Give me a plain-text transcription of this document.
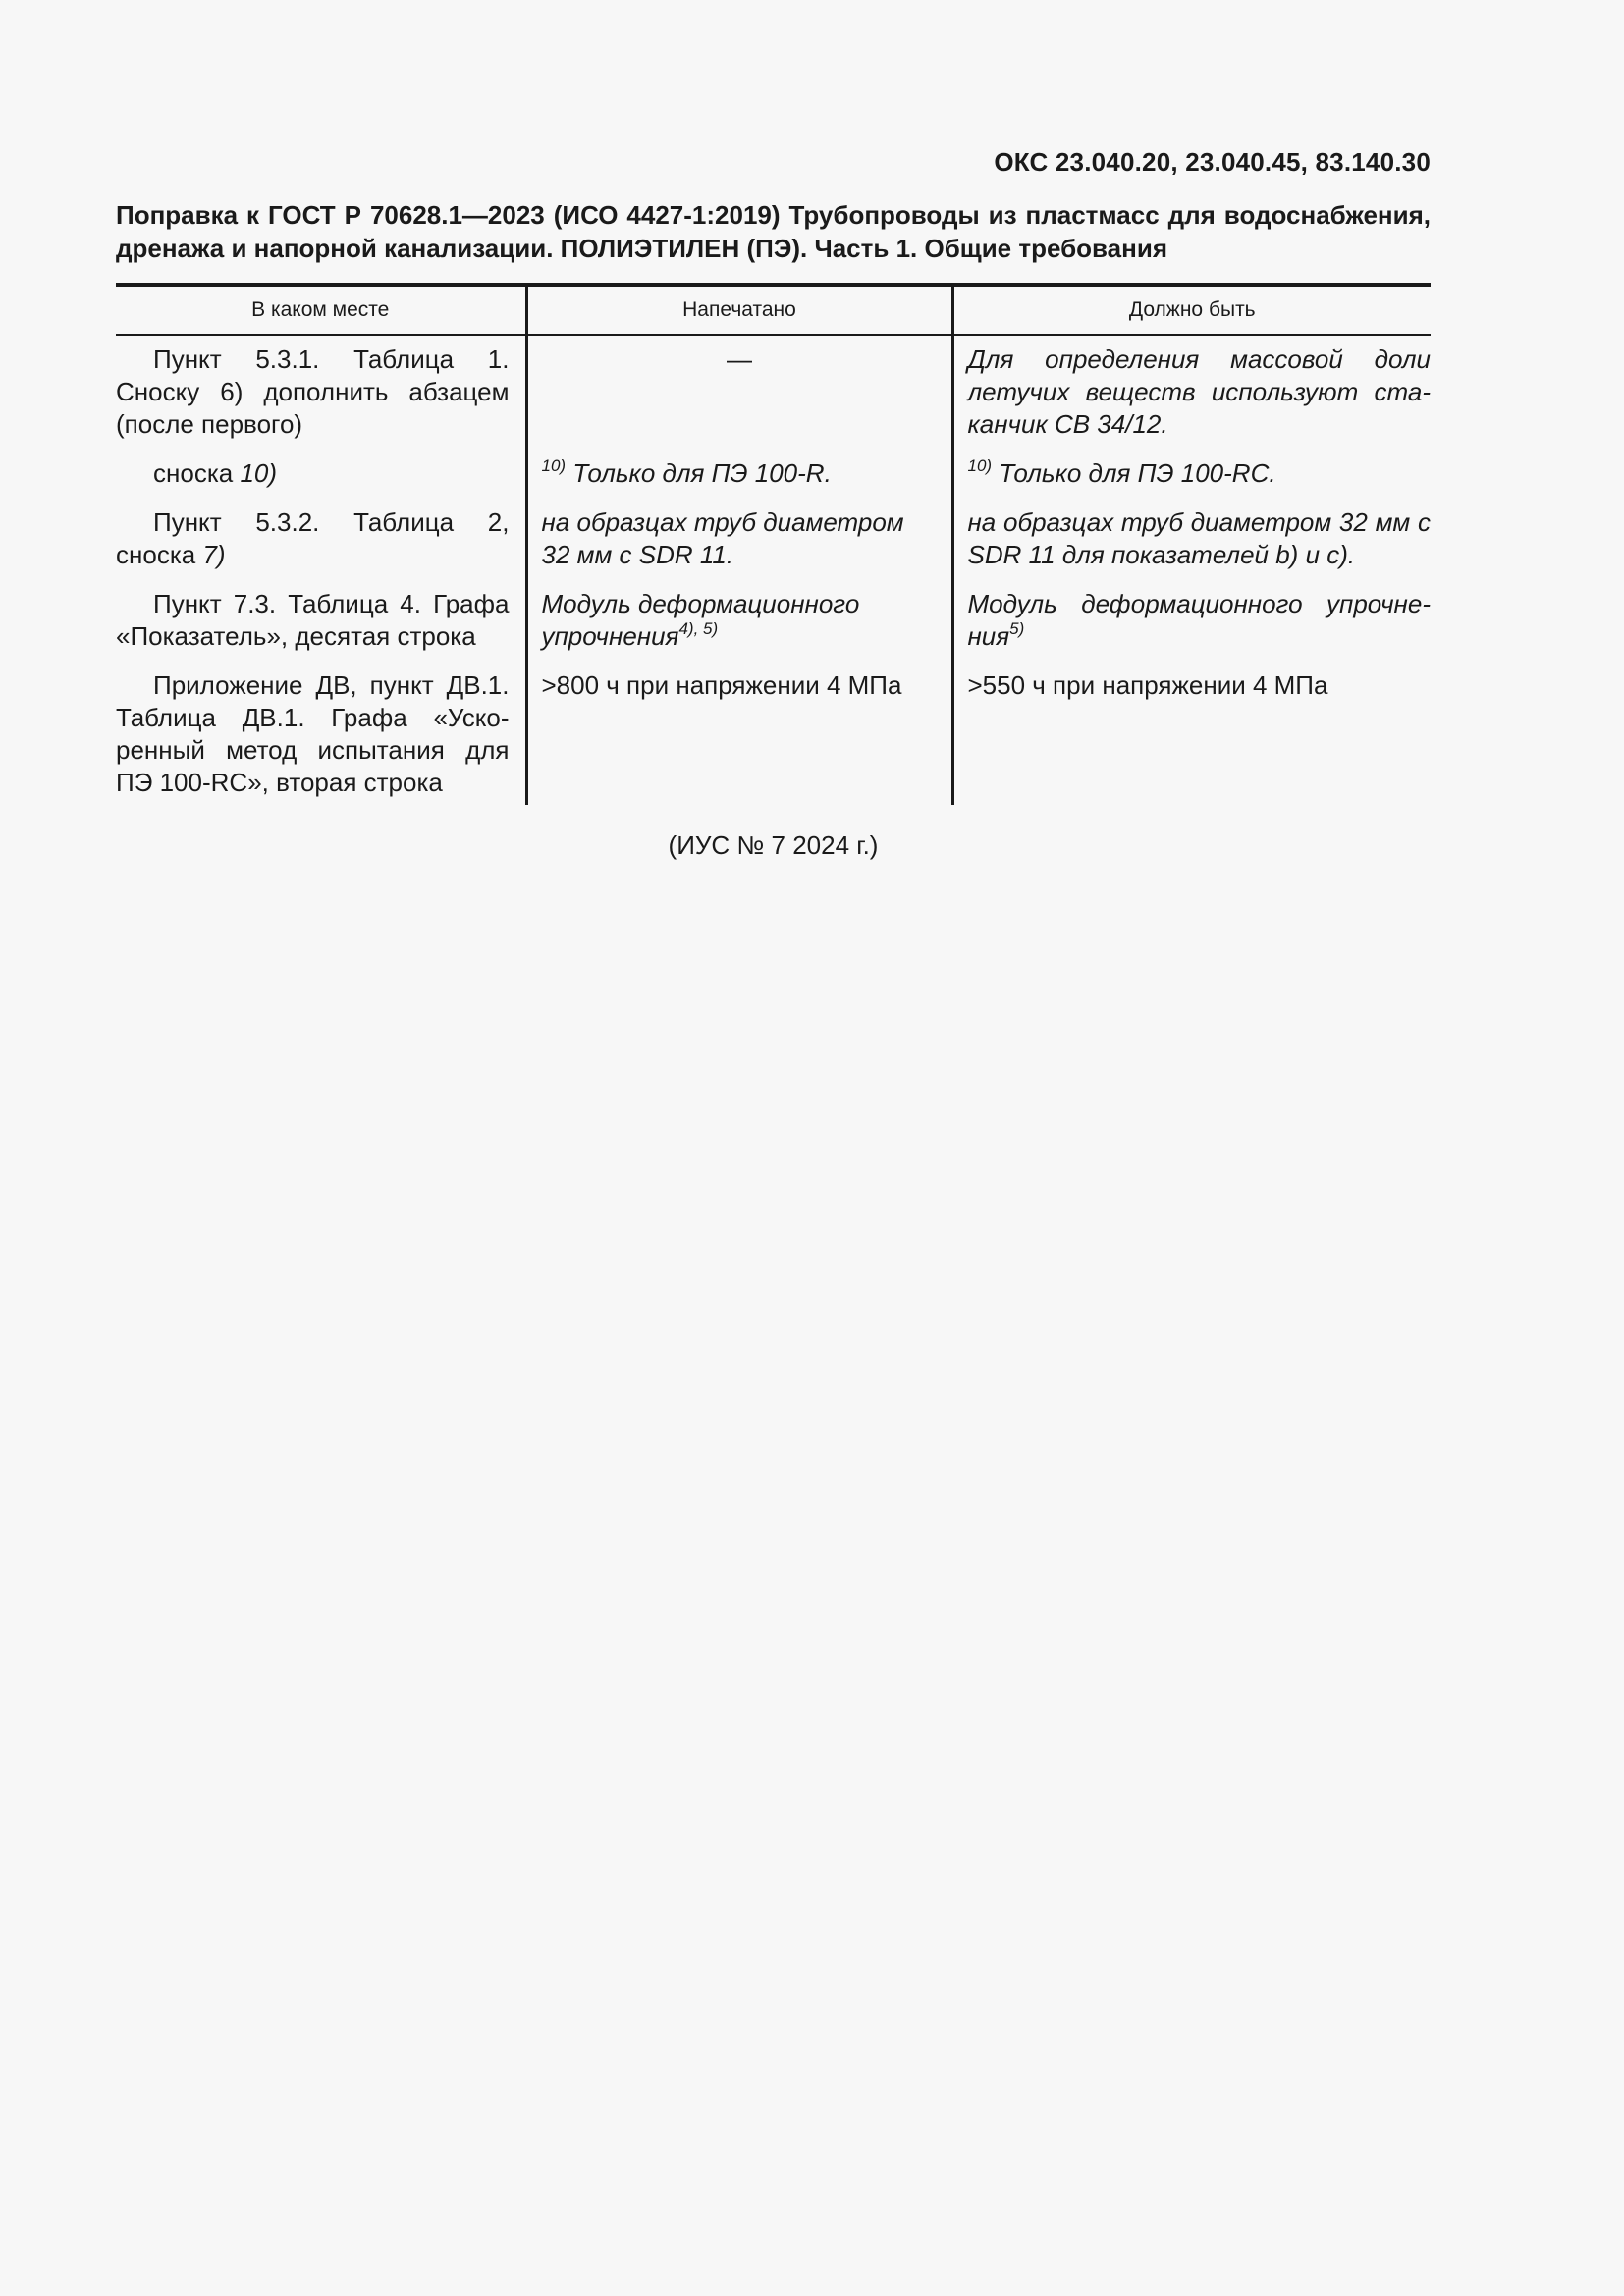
ОКС 23.040.20, 23.040.45, 83.140.30
Поправка к ГОСТ Р 70628.1—2023 (ИСО 4427-1:2019) Трубопроводы из пластмасс для водоснабжения, дренажа и напорной канализации. ПОЛИЭТИЛЕН (ПЭ). Часть 1. Общие требования
В каком месте	Напечатано	Должно быть
Пункт 5.3.1. Таблица 1. Сноску 6) дополнить абзацем (после первого)	—	Для определения массовой доли летучих веществ используют стаканчик СВ 34/12.
сноска 10)	$^{10)}$ Только для ПЭ 100-R.	$^{10)}$ Только для ПЭ 100-RC.
Пункт 5.3.2. Таблица 2, сноска 7)	на образцах труб диаметром 32 мм с SDR 11.	на образцах труб диаметром 32 мм с SDR 11 для показателей b) и c).
Пункт 7.3. Таблица 4. Графа «Показатель», десятая строка	Модуль деформационного упрочнения$^{4), 5)}$	Модуль деформационного упрочнения$^{5)}$
Приложение ДВ, пункт ДВ.1. Таблица ДВ.1. Графа «Ускоренный метод испытания для ПЭ 100-RC», вторая строка	>800 ч при напряжении 4 МПа	>550 ч при напряжении 4 МПа
(ИУС № 7 2024 г.)
